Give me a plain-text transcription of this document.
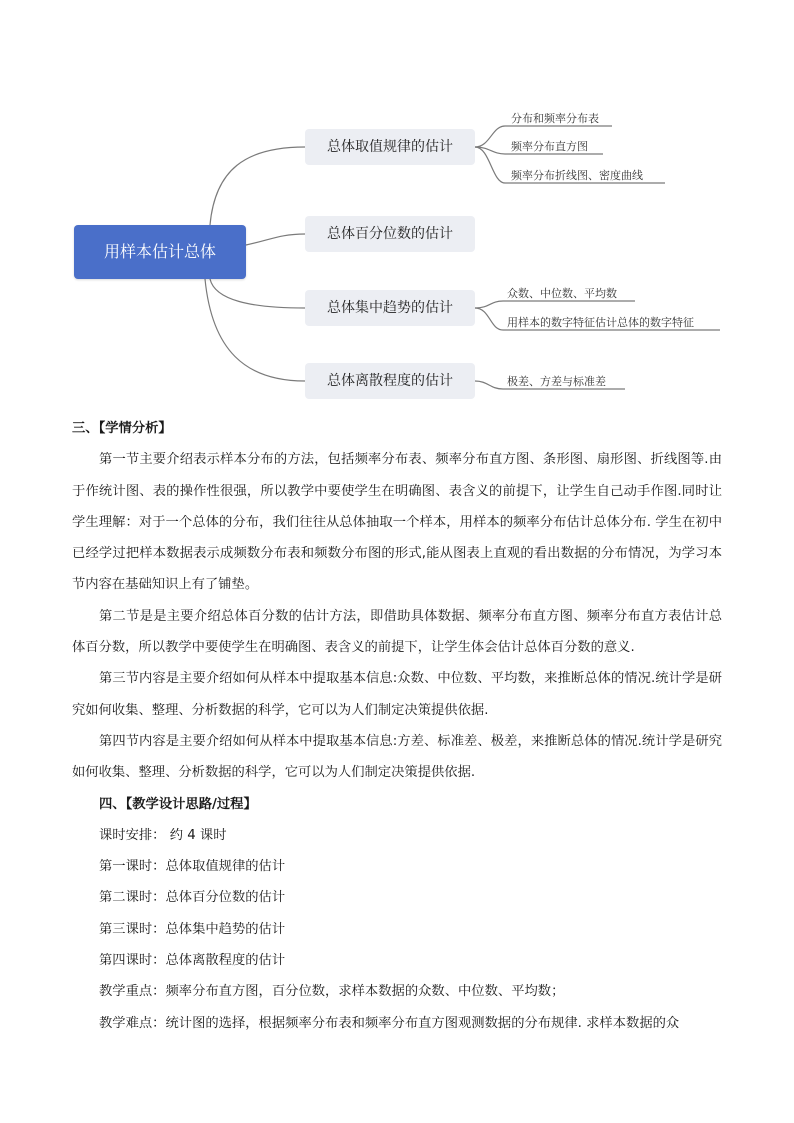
用样本估计总体
总体取值规律的估计
总体百分位数的估计
总体集中趋势的估计
总体离散程度的估计
分布和频率分布表
频率分布直方图
频率分布折线图、密度曲线
众数、中位数、平均数
用样本的数字特征估计总体的数字特征
极差、方差与标准差

三、【学情分析】

第一节主要介绍表示样本分布的方法，包括频率分布表、频率分布直方图、条形图、扇形图、折线图等.由于作统计图、表的操作性很强，所以教学中要使学生在明确图、表含义的前提下，让学生自己动手作图.同时让学生理解：对于一个总体的分布，我们往往从总体抽取一个样本，用样本的频率分布估计总体分布. 学生在初中已经学过把样本数据表示成频数分布表和频数分布图的形式,能从图表上直观的看出数据的分布情况，为学习本节内容在基础知识上有了铺垫。

第二节是是主要介绍总体百分数的估计方法，即借助具体数据、频率分布直方图、频率分布直方表估计总体百分数，所以教学中要使学生在明确图、表含义的前提下，让学生体会估计总体百分数的意义.

第三节内容是主要介绍如何从样本中提取基本信息:众数、中位数、平均数，来推断总体的情况.统计学是研究如何收集、整理、分析数据的科学，它可以为人们制定决策提供依据.

第四节内容是主要介绍如何从样本中提取基本信息:方差、标准差、极差，来推断总体的情况.统计学是研究如何收集、整理、分析数据的科学，它可以为人们制定决策提供依据.

四、【教学设计思路/过程】

课时安排： 约 4 课时

第一课时：总体取值规律的估计

第二课时：总体百分位数的估计

第三课时：总体集中趋势的估计

第四课时：总体离散程度的估计

教学重点：频率分布直方图，百分位数，求样本数据的众数、中位数、平均数；

教学难点：统计图的选择，根据频率分布表和频率分布直方图观测数据的分布规律. 求样本数据的众
